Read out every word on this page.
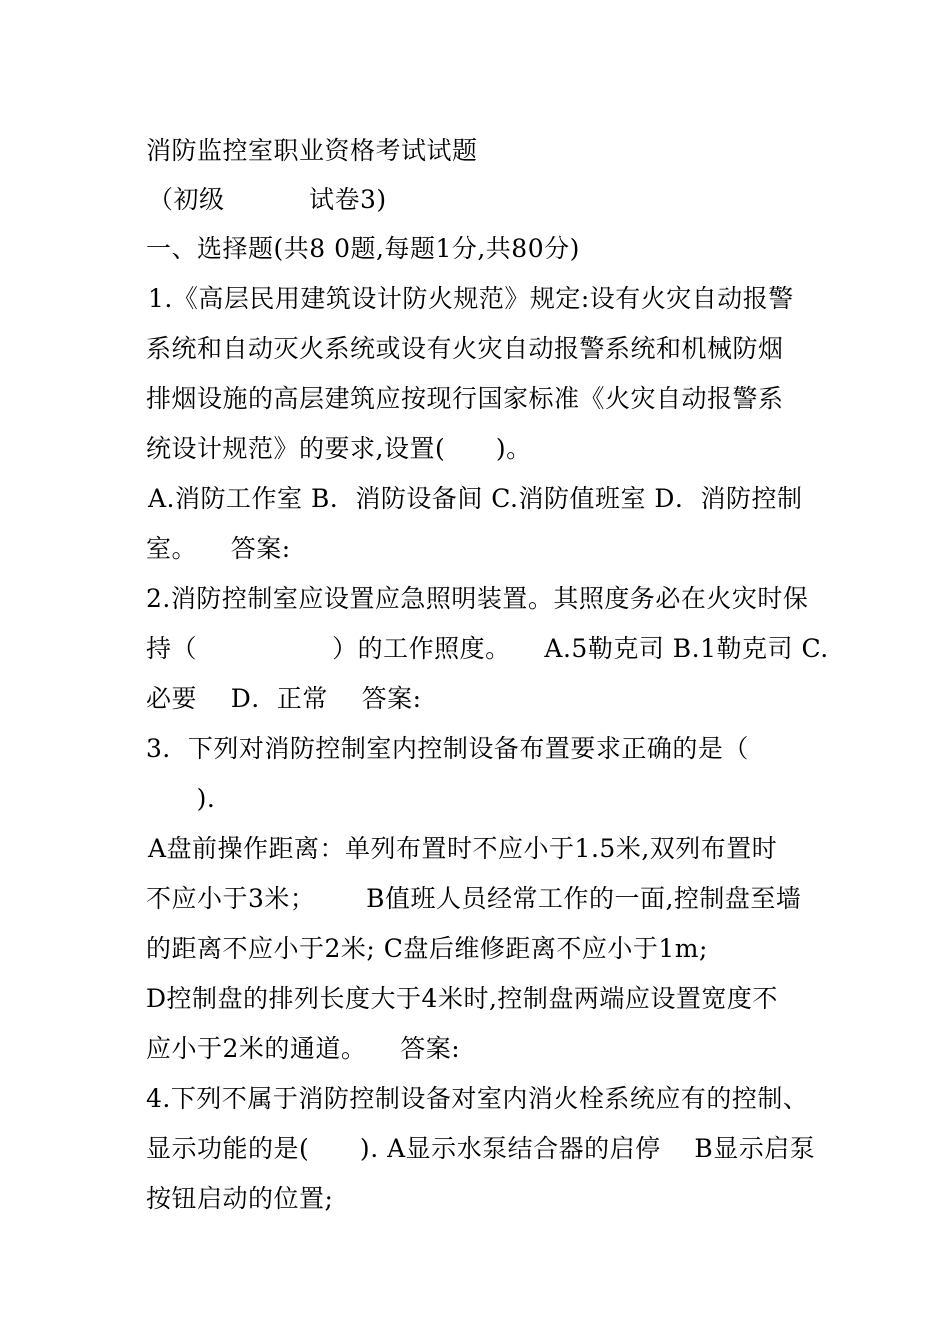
消防监控室职业资格考试试题
（初级          试卷3)
一、选择题(共8 0题,每题1分,共80分)
1.《高层民用建筑设计防火规范》规定:设有火灾自动报警
系统和自动灭火系统或设有火灾自动报警系统和机械防烟
排烟设施的高层建筑应按现行国家标准《火灾自动报警系
统设计规范》的要求,设置(      )。
A.消防工作室 B．消防设备间 C.消防值班室 D．消防控制
室。    答案:
2.消防控制室应设置应急照明装置。其照度务必在火灾时保
持（                ）的工作照度。    A.5勒克司 B.1勒克司 C.
必要    D．正常    答案:
3．下列对消防控制室内控制设备布置要求正确的是（
).
A盘前操作距离：单列布置时不应小于1.5米,双列布置时
不应小于3米；      B值班人员经常工作的一面,控制盘至墙
的距离不应小于2米; C盘后维修距离不应小于1m;
D控制盘的排列长度大于4米时,控制盘两端应设置宽度不
应小于2米的通道。    答案:
4.下列不属于消防控制设备对室内消火栓系统应有的控制、
显示功能的是(      ). A显示水泵结合器的启停    B显示启泵
按钮启动的位置;
